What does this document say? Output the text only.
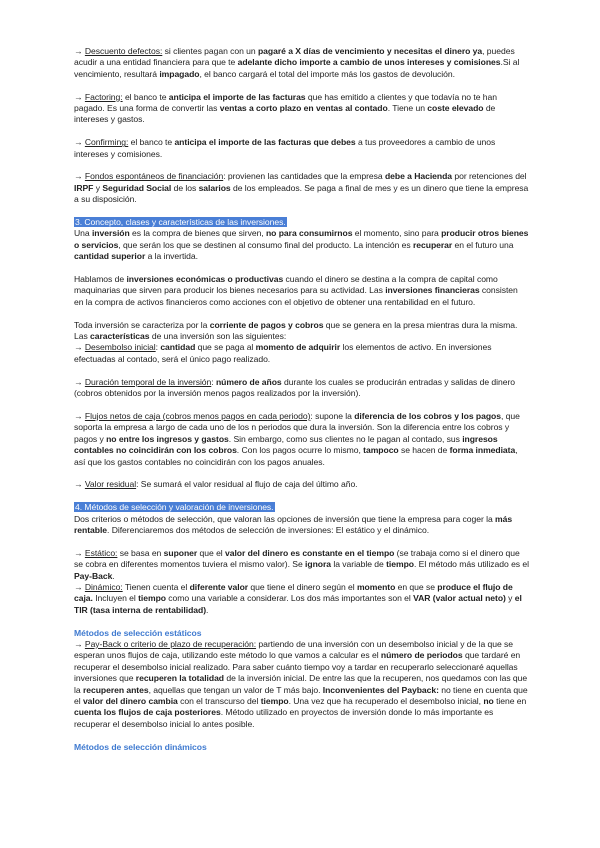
→ Descuento defectos: si clientes pagan con un pagaré a X días de vencimiento y necesitas el dinero ya, puedes acudir a una entidad financiera para que te adelante dicho importe a cambio de unos intereses y comisiones.Si al vencimiento, resultará impagado, el banco cargará el total del importe más los gastos de devolución.

→ Factoring: el banco te anticipa el importe de las facturas que has emitido a clientes y que todavía no te han pagado. Es una forma de convertir las ventas a corto plazo en ventas al contado. Tiene un coste elevado de intereses y gastos.

→ Confirming: el banco te anticipa el importe de las facturas que debes a tus proveedores a cambio de unos intereses y comisiones.

→ Fondos espontáneos de financiación: provienen las cantidades que la empresa debe a Hacienda por retenciones del IRPF y Seguridad Social de los salarios de los empleados. Se paga a final de mes y es un dinero que tiene la empresa a su disposición.

3. Concepto, clases y características de las inversiones.

Una inversión es la compra de bienes que sirven, no para consumirnos el momento, sino para producir otros bienes o servicios, que serán los que se destinen al consumo final del producto. La intención es recuperar en el futuro una cantidad superior a la invertida.

Hablamos de inversiones económicas o productivas cuando el dinero se destina a la compra de capital como maquinarias que sirven para producir los bienes necesarios para su actividad. Las inversiones financieras consisten en la compra de activos financieros como acciones con el objetivo de obtener una rentabilidad en el futuro.

Toda inversión se caracteriza por la corriente de pagos y cobros que se genera en la presa mientras dura la misma. Las características de una inversión son las siguientes:

→ Desembolso inicial: cantidad que se paga al momento de adquirir los elementos de activo. En inversiones efectuadas al contado, será el único pago realizado.

→ Duración temporal de la inversión: número de años durante los cuales se producirán entradas y salidas de dinero (cobros obtenidos por la inversión menos pagos realizados por la inversión).

→ Flujos netos de caja (cobros menos pagos en cada periodo): supone la diferencia de los cobros y los pagos, que soporta la empresa a largo de cada uno de los n periodos que dura la inversión. Son la diferencia entre los cobros y pagos y no entre los ingresos y gastos. Sin embargo, como sus clientes no le pagan al contado, sus ingresos contables no coincidirán con los cobros. Con los pagos ocurre lo mismo, tampoco se hacen de forma inmediata, así que los gastos contables no coincidirán con los pagos anuales.

→ Valor residual: Se sumará el valor residual al flujo de caja del último año.

4. Métodos de selección y valoración de inversiones.

Dos criterios o métodos de selección, que valoran las opciones de inversión que tiene la empresa para coger la más rentable. Diferenciaremos dos métodos de selección de inversiones: El estático y el dinámico.

→ Estático: se basa en suponer que el valor del dinero es constante en el tiempo (se trabaja como si el dinero que se cobra en diferentes momentos tuviera el mismo valor). Se ignora la variable de tiempo. El método más utilizado es el Pay-Back.

→ Dinámico: Tienen cuenta el diferente valor que tiene el dinero según el momento en que se produce el flujo de caja. Incluyen el tiempo como una variable a considerar. Los dos más importantes son el VAR (valor actual neto) y el TIR (tasa interna de rentabilidad).

Métodos de selección estáticos

→ Pay-Back o criterio de plazo de recuperación: partiendo de una inversión con un desembolso inicial y de la que se esperan unos flujos de caja, utilizando este método lo que vamos a calcular es el número de periodos que tardaré en recuperar el desembolso inicial realizado. Para saber cuánto tiempo voy a tardar en recuperarlo seleccionaré aquellas inversiones que recuperen la totalidad de la inversión inicial. De entre las que la recuperen, nos quedamos con las que la recuperen antes, aquellas que tengan un valor de T más bajo. Inconvenientes del Payback: no tiene en cuenta que el valor del dinero cambia con el transcurso del tiempo. Una vez que ha recuperado el desembolso inicial, no tiene en cuenta los flujos de caja posteriores. Método utilizado en proyectos de inversión donde lo más importante es recuperar el desembolso inicial lo antes posible.

Métodos de selección dinámicos
